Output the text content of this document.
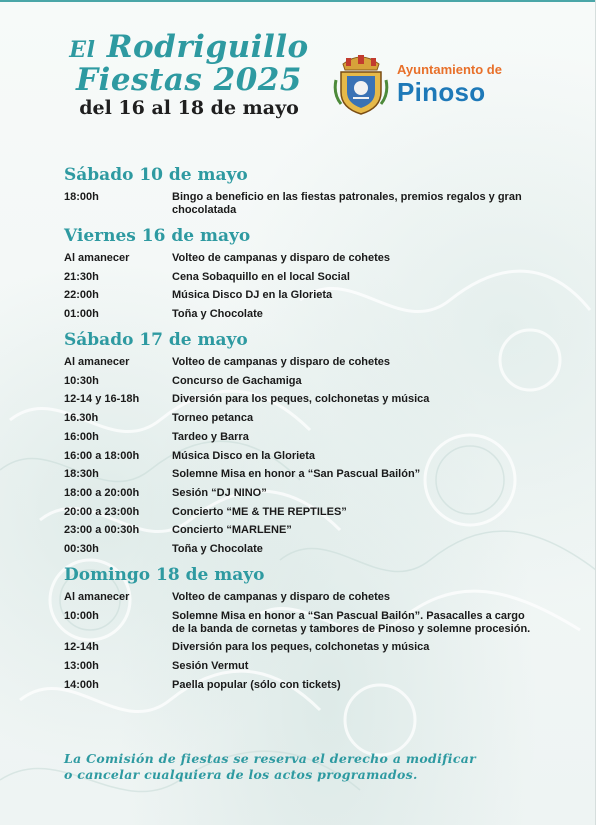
El Rodriguillo
Fiestas 2025
del 16 al 18 de mayo
Ayuntamiento de
Pinoso
Sábado 10 de mayo
18:00h	Bingo a beneficio en las fiestas patronales, premios regalos y gran chocolatada
Viernes 16 de mayo
Al amanecer	Volteo de campanas y disparo de cohetes
21:30h	Cena Sobaquillo en el local Social
22:00h	Música Disco DJ en la Glorieta
01:00h	Toña y Chocolate
Sábado 17 de mayo
Al amanecer	Volteo de campanas y disparo de cohetes
10:30h	Concurso de Gachamiga
12-14 y 16-18h	Diversión para los peques, colchonetas y música
16.30h	Torneo petanca
16:00h	Tardeo y Barra
16:00 a 18:00h	Música Disco en la Glorieta
18:30h	Solemne Misa en honor a “San Pascual Bailón”
18:00 a 20:00h	Sesión “DJ NINO”
20:00 a 23:00h	Concierto “ME & THE REPTILES”
23:00 a 00:30h	Concierto “MARLENE”
00:30h	Toña y Chocolate
Domingo 18 de mayo
Al amanecer	Volteo de campanas y disparo de cohetes
10:00h	Solemne Misa en honor a “San Pascual Bailón”. Pasacalles a cargo de la banda de cornetas y tambores de Pinoso y solemne procesión.
12-14h	Diversión para los peques, colchonetas y música
13:00h	Sesión Vermut
14:00h	Paella popular (sólo con tickets)
La Comisión de fiestas se reserva el derecho a modificar
o cancelar cualquiera de los actos programados.
